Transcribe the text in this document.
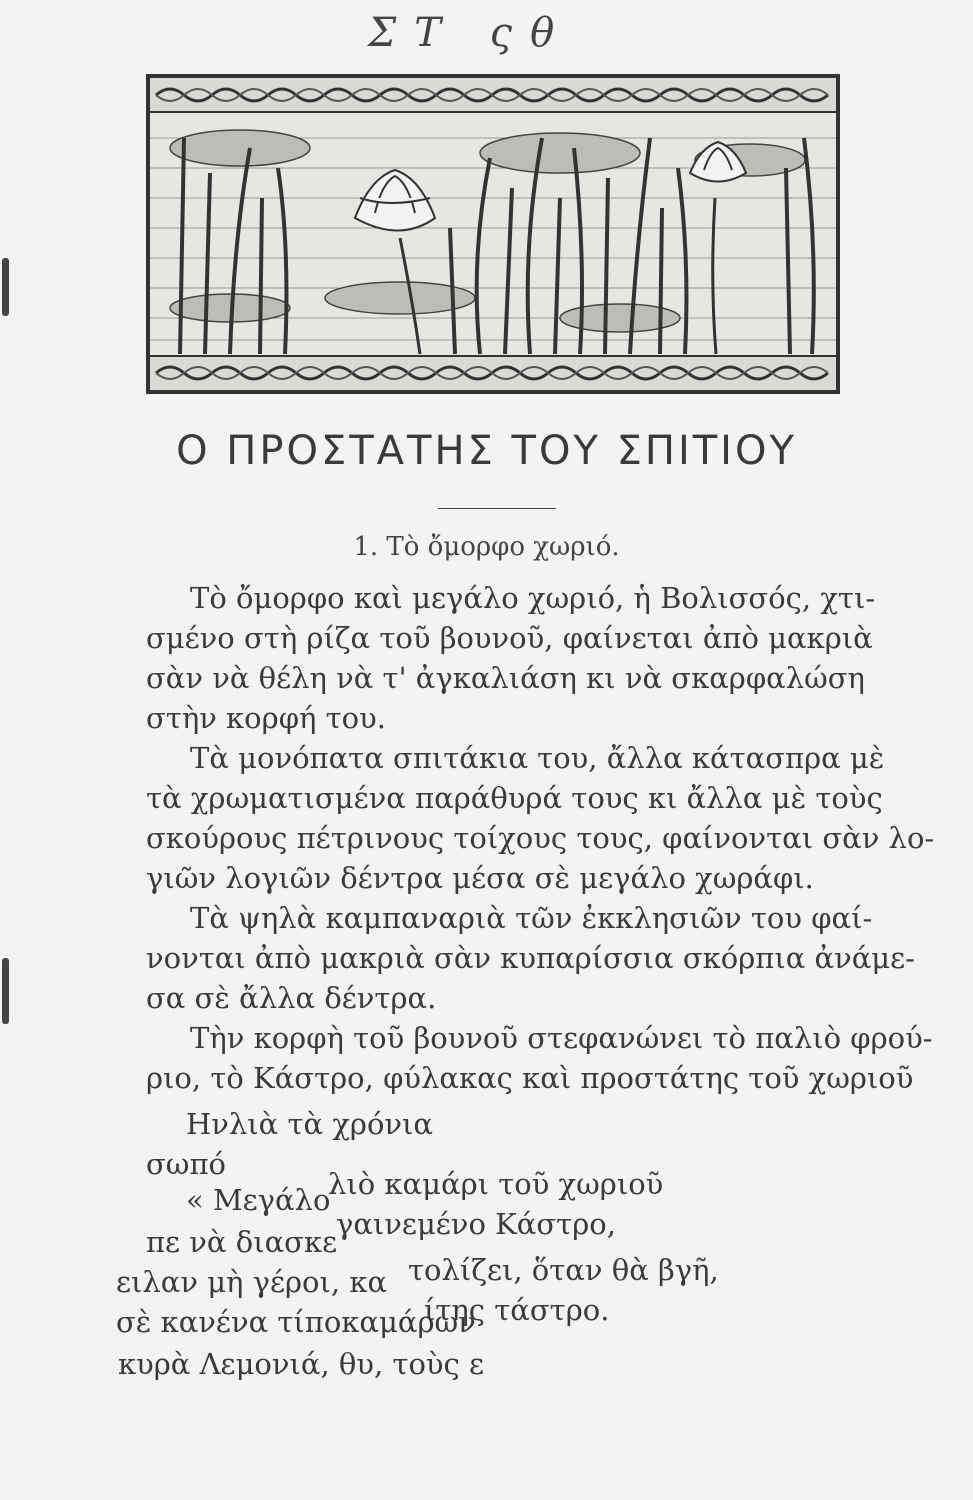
ΣΤ ςθ
Ο ΠΡΟΣΤΑΤΗΣ ΤΟΥ ΣΠΙΤΙΟΥ
1. Τὸ ὄμορφο χωριό.
Τὸ ὄμορφο καὶ μεγάλο χωριό, ἡ Βολισσός, χτι-
σμένο στὴ ρίζα τοῦ βουνοῦ, φαίνεται ἀπὸ μακριὰ
σὰν νὰ θέλη νὰ τ' ἀγκαλιάση κι νὰ σκαρφαλώση
στὴν κορφή του.
Τὰ μονόπατα σπιτάκια του, ἄλλα κάτασπρα μὲ
τὰ χρωματισμένα παράθυρά τους κι ἄλλα μὲ τοὺς
σκούρους πέτρινους τοίχους τους, φαίνονται σὰν λο-
γιῶν λογιῶν δέντρα μέσα σὲ μεγάλο χωράφι.
Τὰ ψηλὰ καμπαναριὰ τῶν ἐκκλησιῶν του φαί-
νονται ἀπὸ μακριὰ σὰν κυπαρίσσια σκόρπια ἀνάμε-
σα σὲ ἄλλα δέντρα.
Τὴν κορφὴ τοῦ βουνοῦ στεφανώνει τὸ παλιὸ φρού-
ριο, τὸ Κάστρο, φύλακας καὶ προστάτης τοῦ χωριοῦ
Ηνλιὰ τὰ χρόνια
σωπό
« Μεγάλο
λιὸ καμάρι τοῦ χωριοῦ
πε νὰ διασκε
γαινεμένο Κάστρο,
ειλαν μὴ γέροι, κα τολίζει, ὅταν θὰ βγῆ,
σὲ κανένα τίποκαμάρων
ίτης τάστρο.
κυρὰ Λεμονιά, θυ, τοὺς ε
